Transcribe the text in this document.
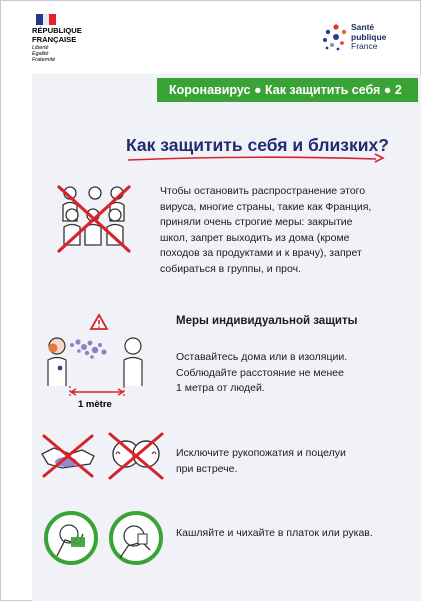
RÉPUBLIQUE
FRANÇAISE
Liberté
Égalité
Fraternité
Santé
publique
France
Коронавирус ● Как защитить себя ● 2
Как защитить себя и близких?
Чтобы остановить распространение этого
вируса, многие страны, такие как Франция,
приняли очень строгие меры: закрытие
школ, запрет выходить из дома (кроме
походов за продуктами и к врачу), запрет
собираться в группы, и проч.
1 mètre
Меры индивидуальной защиты
Оставайтесь дома или в изоляции.
Соблюдайте расстояние не менее
1 метра от людей.
Исключите рукопожатия и поцелуи
при встрече.
Кашляйте и чихайте в платок или рукав.
